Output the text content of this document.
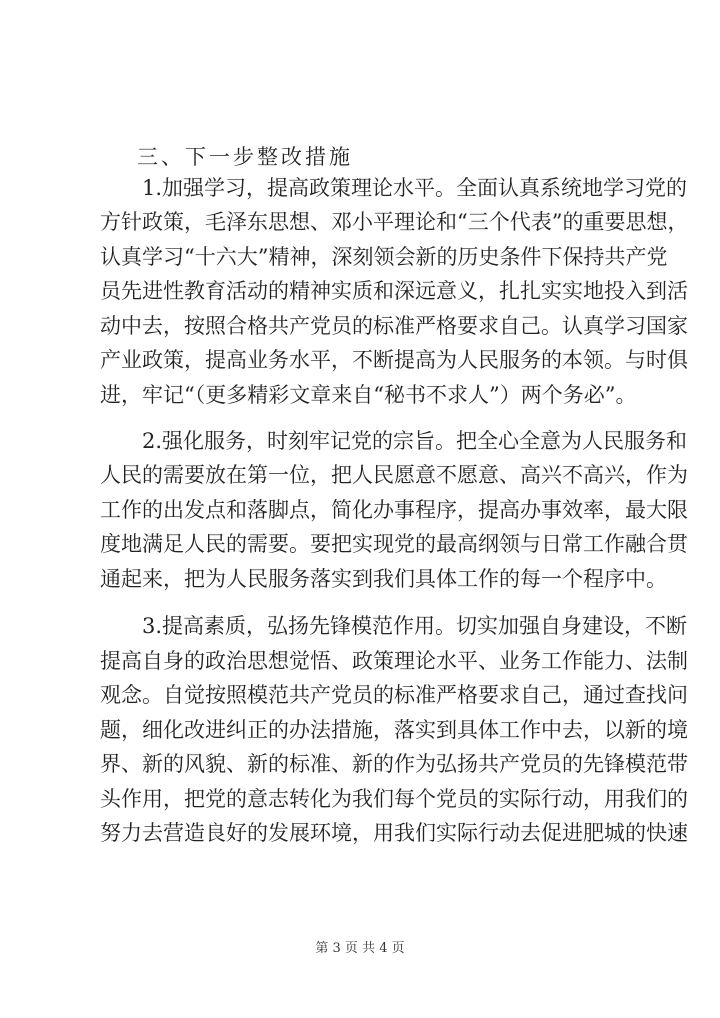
三、下一步整改措施
1.加强学习，提高政策理论水平。全面认真系统地学习党的
方针政策，毛泽东思想、邓小平理论和“三个代表”的重要思想，
认真学习“十六大”精神，深刻领会新的历史条件下保持共产党
员先进性教育活动的精神实质和深远意义，扎扎实实地投入到活
动中去，按照合格共产党员的标准严格要求自己。认真学习国家
产业政策，提高业务水平，不断提高为人民服务的本领。与时俱
进，牢记“（更多精彩文章来自“秘书不求人”）两个务必”。
2.强化服务，时刻牢记党的宗旨。把全心全意为人民服务和
人民的需要放在第一位，把人民愿意不愿意、高兴不高兴，作为
工作的出发点和落脚点，简化办事程序，提高办事效率，最大限
度地满足人民的需要。要把实现党的最高纲领与日常工作融合贯
通起来，把为人民服务落实到我们具体工作的每一个程序中。
3.提高素质，弘扬先锋模范作用。切实加强自身建设，不断
提高自身的政治思想觉悟、政策理论水平、业务工作能力、法制
观念。自觉按照模范共产党员的标准严格要求自己，通过查找问
题，细化改进纠正的办法措施，落实到具体工作中去，以新的境
界、新的风貌、新的标准、新的作为弘扬共产党员的先锋模范带
头作用，把党的意志转化为我们每个党员的实际行动，用我们的
努力去营造良好的发展环境，用我们实际行动去促进肥城的快速
第 3 页 共 4 页
